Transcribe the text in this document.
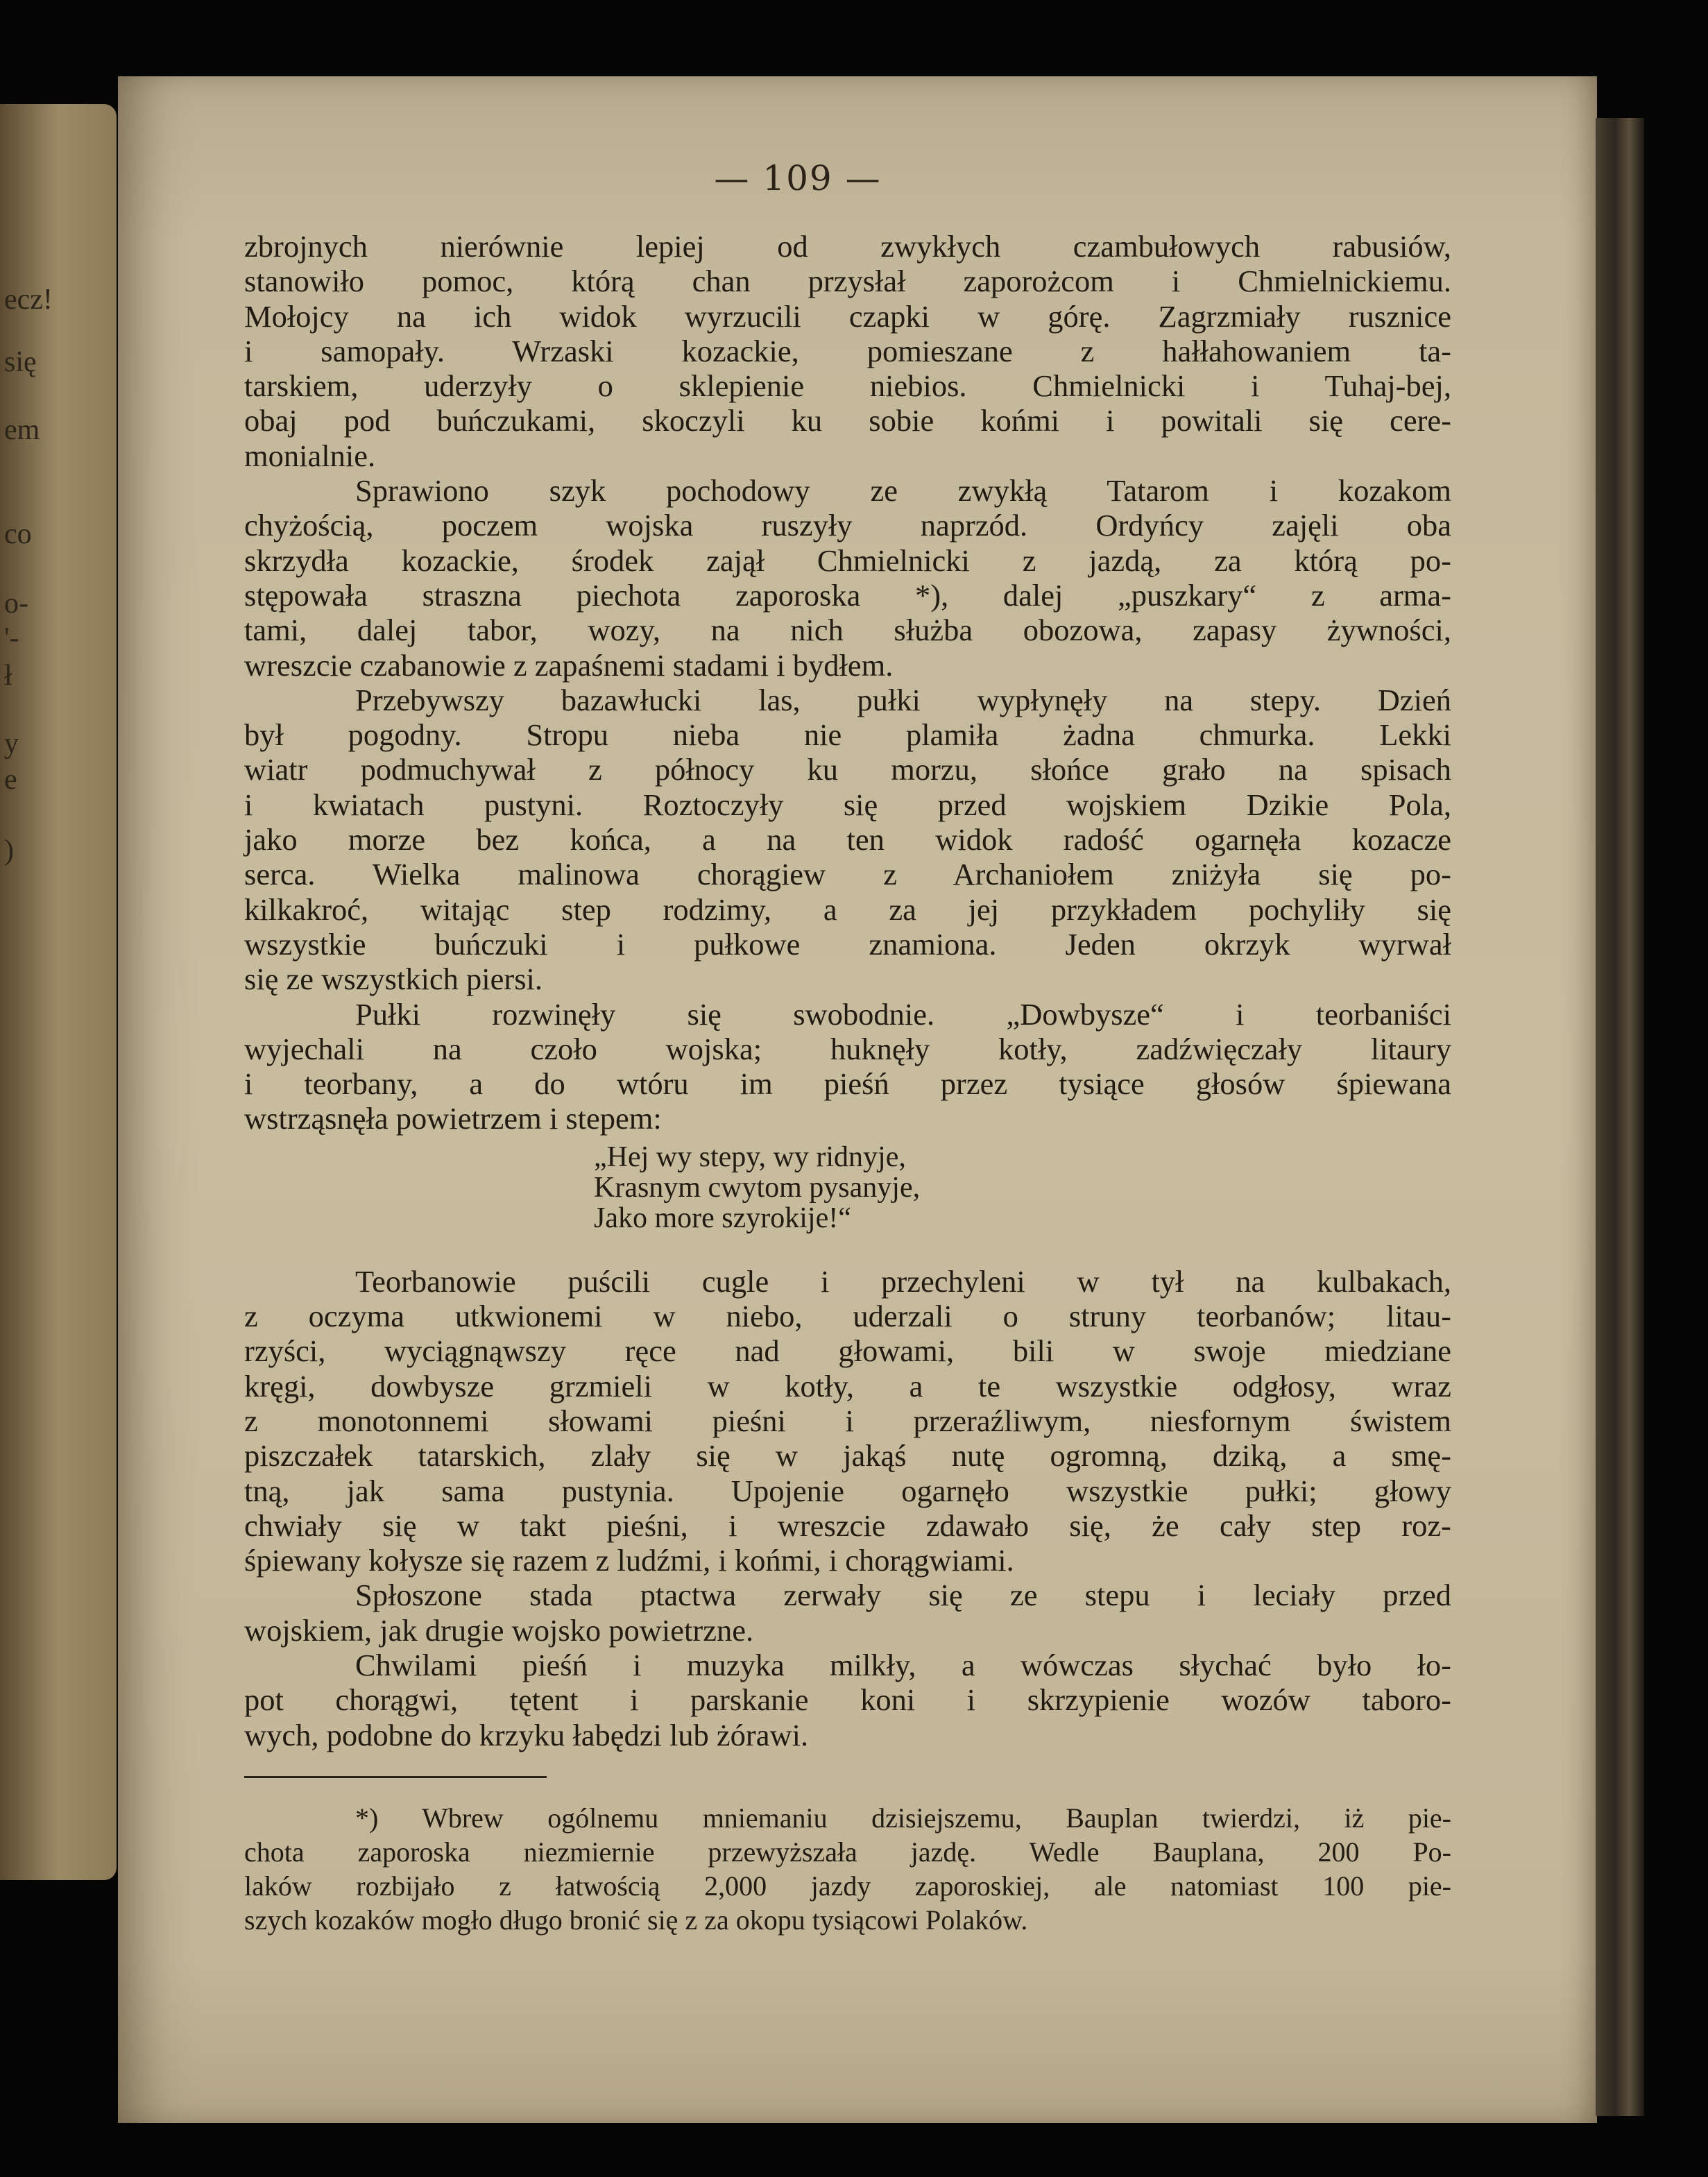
ecz!
się
em
co
o-
'-
ł
y
e
)
— 109 —
zbrojnych nierównie lepiej od zwykłych czambułowych rabusiów,
stanowiło pomoc, którą chan przysłał zaporożcom i Chmielnickiemu.
Mołojcy na ich widok wyrzucili czapki w górę. Zagrzmiały rusznice
i samopały. Wrzaski kozackie, pomieszane z hałłahowaniem ta-
tarskiem, uderzyły o sklepienie niebios. Chmielnicki i Tuhaj-bej,
obaj pod buńczukami, skoczyli ku sobie końmi i powitali się cere-
monialnie.
Sprawiono szyk pochodowy ze zwykłą Tatarom i kozakom
chyżością, poczem wojska ruszyły naprzód. Ordyńcy zajęli oba
skrzydła kozackie, środek zajął Chmielnicki z jazdą, za którą po-
stępowała straszna piechota zaporoska *), dalej „puszkary“ z arma-
tami, dalej tabor, wozy, na nich służba obozowa, zapasy żywności,
wreszcie czabanowie z zapaśnemi stadami i bydłem.
Przebywszy bazawłucki las, pułki wypłynęły na stepy. Dzień
był pogodny. Stropu nieba nie plamiła żadna chmurka. Lekki
wiatr podmuchywał z północy ku morzu, słońce grało na spisach
i kwiatach pustyni. Roztoczyły się przed wojskiem Dzikie Pola,
jako morze bez końca, a na ten widok radość ogarnęła kozacze
serca. Wielka malinowa chorągiew z Archaniołem zniżyła się po-
kilkakroć, witając step rodzimy, a za jej przykładem pochyliły się
wszystkie buńczuki i pułkowe znamiona. Jeden okrzyk wyrwał
się ze wszystkich piersi.
Pułki rozwinęły się swobodnie. „Dowbysze“ i teorbaniści
wyjechali na czoło wojska; huknęły kotły, zadźwięczały litaury
i teorbany, a do wtóru im pieśń przez tysiące głosów śpiewana
wstrząsnęła powietrzem i stepem:
„Hej wy stepy, wy ridnyje,
Krasnym cwytom pysanyje,
Jako more szyrokije!“
Teorbanowie puścili cugle i przechyleni w tył na kulbakach,
z oczyma utkwionemi w niebo, uderzali o struny teorbanów; litau-
rzyści, wyciągnąwszy ręce nad głowami, bili w swoje miedziane
kręgi, dowbysze grzmieli w kotły, a te wszystkie odgłosy, wraz
z monotonnemi słowami pieśni i przeraźliwym, niesfornym świstem
piszczałek tatarskich, zlały się w jakąś nutę ogromną, dziką, a smę-
tną, jak sama pustynia. Upojenie ogarnęło wszystkie pułki; głowy
chwiały się w takt pieśni, i wreszcie zdawało się, że cały step roz-
śpiewany kołysze się razem z ludźmi, i końmi, i chorągwiami.
Spłoszone stada ptactwa zerwały się ze stepu i leciały przed
wojskiem, jak drugie wojsko powietrzne.
Chwilami pieśń i muzyka milkły, a wówczas słychać było ło-
pot chorągwi, tętent i parskanie koni i skrzypienie wozów taboro-
wych, podobne do krzyku łabędzi lub żórawi.
*) Wbrew ogólnemu mniemaniu dzisiejszemu, Bauplan twierdzi, iż pie-
chota zaporoska niezmiernie przewyższała jazdę. Wedle Bauplana, 200 Po-
laków rozbijało z łatwością 2,000 jazdy zaporoskiej, ale natomiast 100 pie-
szych kozaków mogło długo bronić się z za okopu tysiącowi Polaków.
